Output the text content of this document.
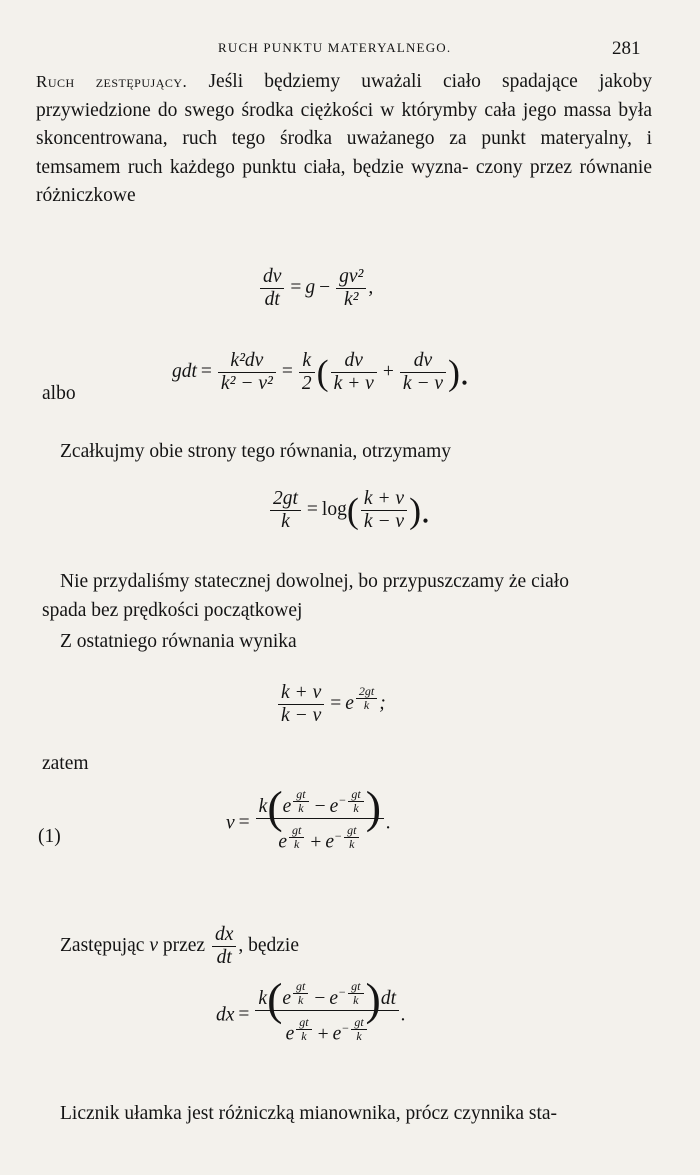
RUCH PUNKTU MATERYALNEGO.	281

Ruch zestępujący. Jeśli będziemy uważali ciało spadające jakoby przywiedzione do swego środka ciężkości w którymby cała jego massa była skoncentrowana, ruch tego środka uważanego za punkt materyalny, i temsamem ruch każdego punktu ciała, będzie wyzna- czony przez równanie różniczkowe

$\frac{dv}{dt} = g - \frac{\text{gv²}}{\text{k²}}$ ,

albo

gdt = $\frac{\text{k²dv}}{\text{k² − v²}} = \frac{k}{2}$ ( $\frac{dv}{k + v} + \frac{dv}{k - v}$ ).

Zcałkujmy obie strony tego równania, otrzymamy

$\frac{2gt}{k} = \log( \frac{k + v}{k - v}$ ).

Nie przydaliśmy statecznej dowolnej, bo przypuszczamy że ciało
spada bez prędkości początkowej

Z ostatniego równania wynika

$\frac{k + v}{k - v} = e$ $^{\frac{2gt}{k}}$ ;

zatem

(1)
v = k(e $^{\frac{gt}{k}} - e^{- \frac{gt}{k}}$ )
e $^{\frac{gt}{k}} + e^{- \frac{gt}{k}}$ .

Zastępując v przez $\frac{dx}{dt}$ , będzie

dx = k(e $^{\frac{gt}{k}} - e^{- \frac{gt}{k}}$ )dt
e $^{\frac{gt}{k}} + e^{- \frac{gt}{k}}$ .

Licznik ułamka jest różniczką mianownika, prócz czynnika sta-
